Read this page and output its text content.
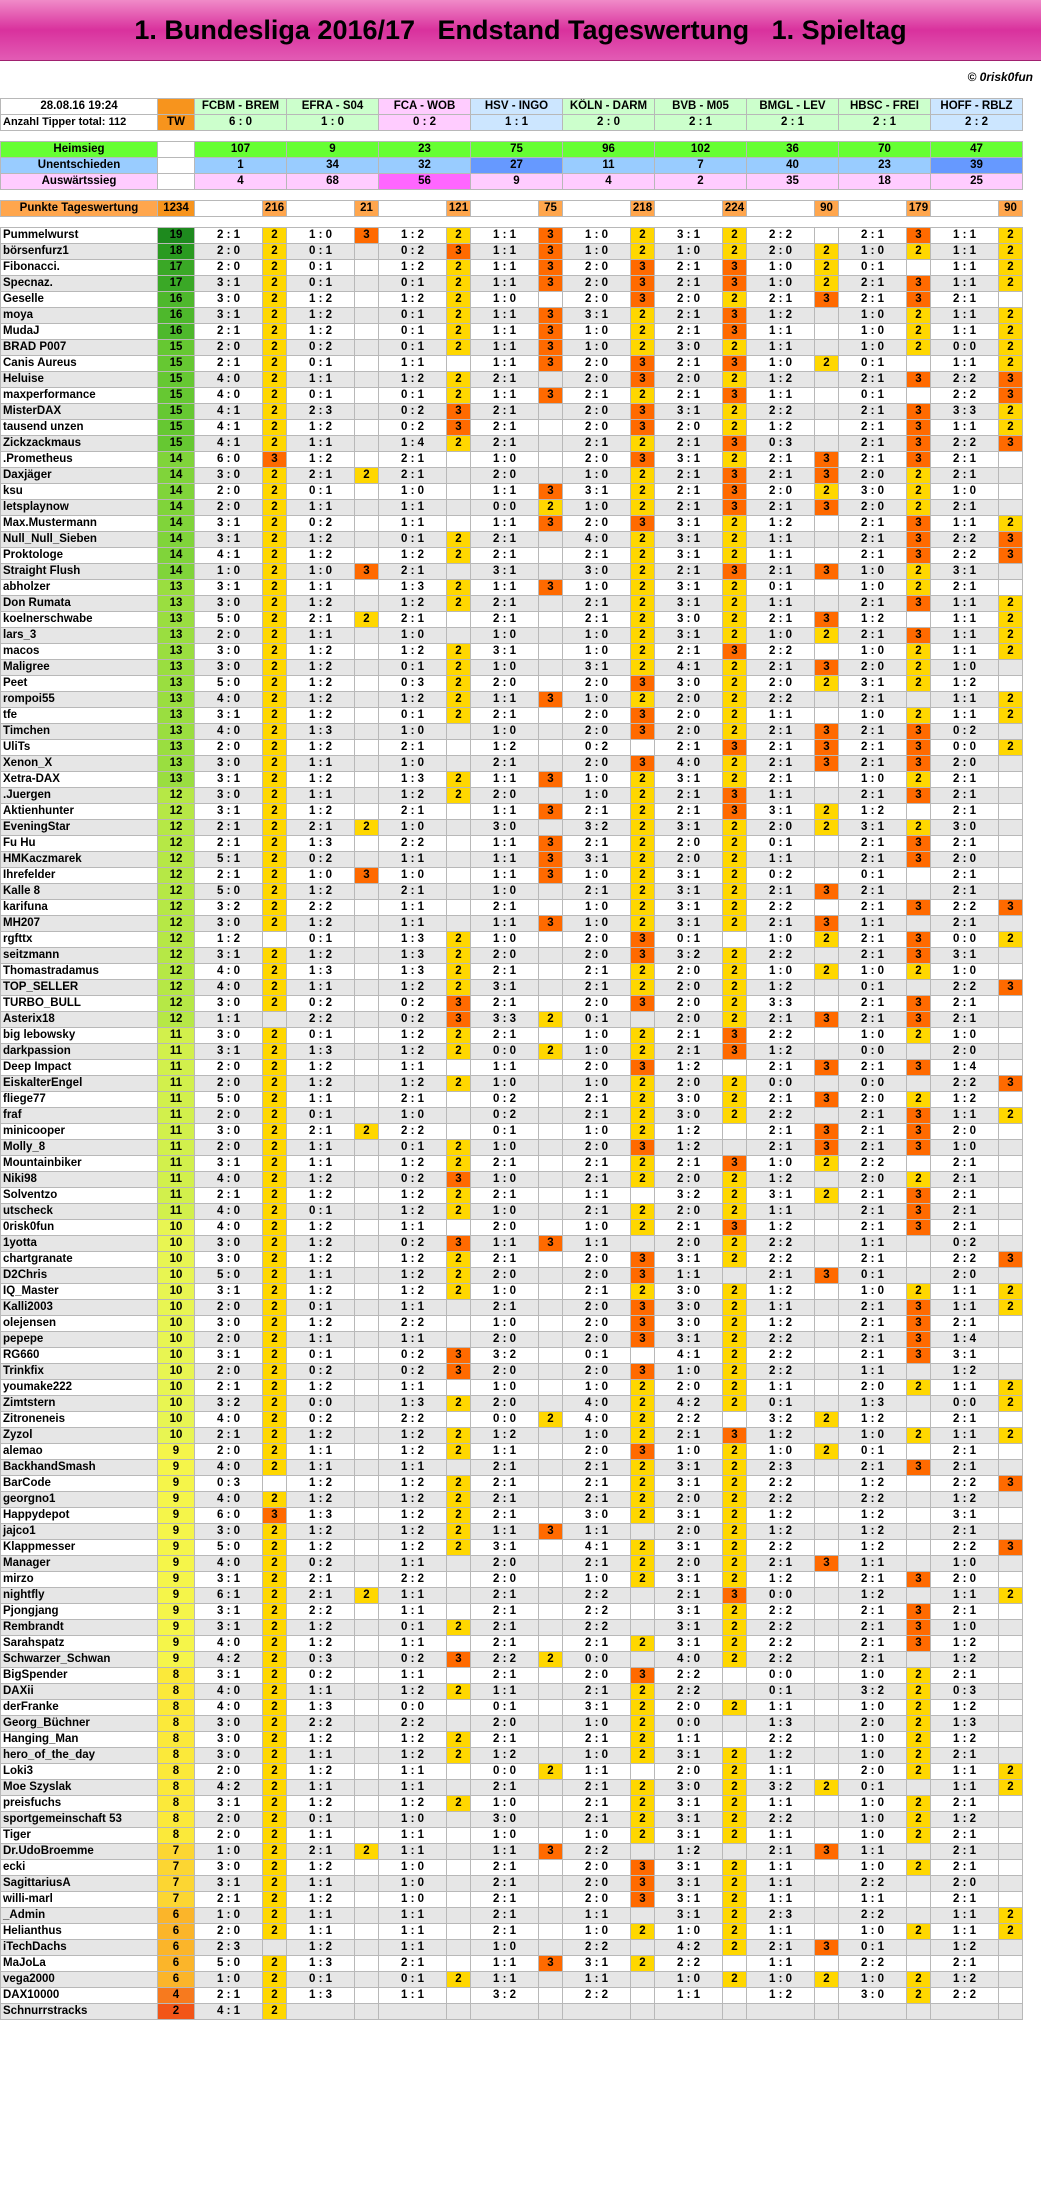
1. Bundesliga 2016/17   Endstand Tageswertung   1. Spieltag
© 0risk0fun
28.08.16 19:24		FCBM - BREM		EFRA - S04		FCA - WOB		HSV - INGO		KÖLN - DARM		BVB - M05		BMGL - LEV		HBSC - FREI		HOFF - RBLZ	
Anzahl Tipper total: 112	TW	6 : 0		1 : 0		0 : 2		1 : 1		2 : 0		2 : 1		2 : 1		2 : 1		2 : 2	

Heimsieg		107		9		23		75		96		102		36		70		47	
Unentschieden		1		34		32		27		11		7		40		23		39	
Auswärtssieg		4		68		56		9		4		2		35		18		25	

Punkte Tageswertung	1234		216		21		121		75		218		224		90		179		90

Pummelwurst	19	2 : 1	2	1 : 0	3	1 : 2	2	1 : 1	3	1 : 0	2	3 : 1	2	2 : 2		2 : 1	3	1 : 1	2
börsenfurz1	18	2 : 0	2	0 : 1		0 : 2	3	1 : 1	3	1 : 0	2	1 : 0	2	2 : 0	2	1 : 0	2	1 : 1	2
Fibonacci.	17	2 : 0	2	0 : 1		1 : 2	2	1 : 1	3	2 : 0	3	2 : 1	3	1 : 0	2	0 : 1		1 : 1	2
Specnaz.	17	3 : 1	2	0 : 1		0 : 1	2	1 : 1	3	2 : 0	3	2 : 1	3	1 : 0	2	2 : 1	3	1 : 1	2
Geselle	16	3 : 0	2	1 : 2		1 : 2	2	1 : 0		2 : 0	3	2 : 0	2	2 : 1	3	2 : 1	3	2 : 1	
moya	16	3 : 1	2	1 : 2		0 : 1	2	1 : 1	3	3 : 1	2	2 : 1	3	1 : 2		1 : 0	2	1 : 1	2
MudaJ	16	2 : 1	2	1 : 2		0 : 1	2	1 : 1	3	1 : 0	2	2 : 1	3	1 : 1		1 : 0	2	1 : 1	2
BRAD P007	15	2 : 0	2	0 : 2		0 : 1	2	1 : 1	3	1 : 0	2	3 : 0	2	1 : 1		1 : 0	2	0 : 0	2
Canis Aureus	15	2 : 1	2	0 : 1		1 : 1		1 : 1	3	2 : 0	3	2 : 1	3	1 : 0	2	0 : 1		1 : 1	2
Heluise	15	4 : 0	2	1 : 1		1 : 2	2	2 : 1		2 : 0	3	2 : 0	2	1 : 2		2 : 1	3	2 : 2	3
maxperformance	15	4 : 0	2	0 : 1		0 : 1	2	1 : 1	3	2 : 1	2	2 : 1	3	1 : 1		0 : 1		2 : 2	3
MisterDAX	15	4 : 1	2	2 : 3		0 : 2	3	2 : 1		2 : 0	3	3 : 1	2	2 : 2		2 : 1	3	3 : 3	2
tausend unzen	15	4 : 1	2	1 : 2		0 : 2	3	2 : 1		2 : 0	3	2 : 0	2	1 : 2		2 : 1	3	1 : 1	2
Zickzackmaus	15	4 : 1	2	1 : 1		1 : 4	2	2 : 1		2 : 1	2	2 : 1	3	0 : 3		2 : 1	3	2 : 2	3
.Prometheus	14	6 : 0	3	1 : 2		2 : 1		1 : 0		2 : 0	3	3 : 1	2	2 : 1	3	2 : 1	3	2 : 1	
Daxjäger	14	3 : 0	2	2 : 1	2	2 : 1		2 : 0		1 : 0	2	2 : 1	3	2 : 1	3	2 : 0	2	2 : 1	
ksu	14	2 : 0	2	0 : 1		1 : 0		1 : 1	3	3 : 1	2	2 : 1	3	2 : 0	2	3 : 0	2	1 : 0	
letsplaynow	14	2 : 0	2	1 : 1		1 : 1		0 : 0	2	1 : 0	2	2 : 1	3	2 : 1	3	2 : 0	2	2 : 1	
Max.Mustermann	14	3 : 1	2	0 : 2		1 : 1		1 : 1	3	2 : 0	3	3 : 1	2	1 : 2		2 : 1	3	1 : 1	2
Null_Null_Sieben	14	3 : 1	2	1 : 2		0 : 1	2	2 : 1		4 : 0	2	3 : 1	2	1 : 1		2 : 1	3	2 : 2	3
Proktologe	14	4 : 1	2	1 : 2		1 : 2	2	2 : 1		2 : 1	2	3 : 1	2	1 : 1		2 : 1	3	2 : 2	3
Straight Flush	14	1 : 0	2	1 : 0	3	2 : 1		3 : 1		3 : 0	2	2 : 1	3	2 : 1	3	1 : 0	2	3 : 1	
abholzer	13	3 : 1	2	1 : 1		1 : 3	2	1 : 1	3	1 : 0	2	3 : 1	2	0 : 1		1 : 0	2	2 : 1	
Don Rumata	13	3 : 0	2	1 : 2		1 : 2	2	2 : 1		2 : 1	2	3 : 1	2	1 : 1		2 : 1	3	1 : 1	2
koelnerschwabe	13	5 : 0	2	2 : 1	2	2 : 1		2 : 1		2 : 1	2	3 : 0	2	2 : 1	3	1 : 2		1 : 1	2
lars_3	13	2 : 0	2	1 : 1		1 : 0		1 : 0		1 : 0	2	3 : 1	2	1 : 0	2	2 : 1	3	1 : 1	2
macos	13	3 : 0	2	1 : 2		1 : 2	2	3 : 1		1 : 0	2	2 : 1	3	2 : 2		1 : 0	2	1 : 1	2
Maligree	13	3 : 0	2	1 : 2		0 : 1	2	1 : 0		3 : 1	2	4 : 1	2	2 : 1	3	2 : 0	2	1 : 0	
Peet	13	5 : 0	2	1 : 2		0 : 3	2	2 : 0		2 : 0	3	3 : 0	2	2 : 0	2	3 : 1	2	1 : 2	
rompoi55	13	4 : 0	2	1 : 2		1 : 2	2	1 : 1	3	1 : 0	2	2 : 0	2	2 : 2		2 : 1		1 : 1	2
tfe	13	3 : 1	2	1 : 2		0 : 1	2	2 : 1		2 : 0	3	2 : 0	2	1 : 1		1 : 0	2	1 : 1	2
Timchen	13	4 : 0	2	1 : 3		1 : 0		1 : 0		2 : 0	3	2 : 0	2	2 : 1	3	2 : 1	3	0 : 2	
UliTs	13	2 : 0	2	1 : 2		2 : 1		1 : 2		0 : 2		2 : 1	3	2 : 1	3	2 : 1	3	0 : 0	2
Xenon_X	13	3 : 0	2	1 : 1		1 : 0		2 : 1		2 : 0	3	4 : 0	2	2 : 1	3	2 : 1	3	2 : 0	
Xetra-DAX	13	3 : 1	2	1 : 2		1 : 3	2	1 : 1	3	1 : 0	2	3 : 1	2	2 : 1		1 : 0	2	2 : 1	
.Juergen	12	3 : 0	2	1 : 1		1 : 2	2	2 : 0		1 : 0	2	2 : 1	3	1 : 1		2 : 1	3	2 : 1	
Aktienhunter	12	3 : 1	2	1 : 2		2 : 1		1 : 1	3	2 : 1	2	2 : 1	3	3 : 1	2	1 : 2		2 : 1	
EveningStar	12	2 : 1	2	2 : 1	2	1 : 0		3 : 0		3 : 2	2	3 : 1	2	2 : 0	2	3 : 1	2	3 : 0	
Fu Hu	12	2 : 1	2	1 : 3		2 : 2		1 : 1	3	2 : 1	2	2 : 0	2	0 : 1		2 : 1	3	2 : 1	
HMKaczmarek	12	5 : 1	2	0 : 2		1 : 1		1 : 1	3	3 : 1	2	2 : 0	2	1 : 1		2 : 1	3	2 : 0	
Ihrefelder	12	2 : 1	2	1 : 0	3	1 : 0		1 : 1	3	1 : 0	2	3 : 1	2	0 : 2		0 : 1		2 : 1	
Kalle 8	12	5 : 0	2	1 : 2		2 : 1		1 : 0		2 : 1	2	3 : 1	2	2 : 1	3	2 : 1		2 : 1	
karifuna	12	3 : 2	2	2 : 2		1 : 1		2 : 1		1 : 0	2	3 : 1	2	2 : 2		2 : 1	3	2 : 2	3
MH207	12	3 : 0	2	1 : 2		1 : 1		1 : 1	3	1 : 0	2	3 : 1	2	2 : 1	3	1 : 1		2 : 1	
rgfttx	12	1 : 2		0 : 1		1 : 3	2	1 : 0		2 : 0	3	0 : 1		1 : 0	2	2 : 1	3	0 : 0	2
seitzmann	12	3 : 1	2	1 : 2		1 : 3	2	2 : 0		2 : 0	3	3 : 2	2	2 : 2		2 : 1	3	3 : 1	
Thomastradamus	12	4 : 0	2	1 : 3		1 : 3	2	2 : 1		2 : 1	2	2 : 0	2	1 : 0	2	1 : 0	2	1 : 0	
TOP_SELLER	12	4 : 0	2	1 : 1		1 : 2	2	3 : 1		2 : 1	2	2 : 0	2	1 : 2		0 : 1		2 : 2	3
TURBO_BULL	12	3 : 0	2	0 : 2		0 : 2	3	2 : 1		2 : 0	3	2 : 0	2	3 : 3		2 : 1	3	2 : 1	
Asterix18	12	1 : 1		2 : 2		0 : 2	3	3 : 3	2	0 : 1		2 : 0	2	2 : 1	3	2 : 1	3	2 : 1	
big lebowsky	11	3 : 0	2	0 : 1		1 : 2	2	2 : 1		1 : 0	2	2 : 1	3	2 : 2		1 : 0	2	1 : 0	
darkpassion	11	3 : 1	2	1 : 3		1 : 2	2	0 : 0	2	1 : 0	2	2 : 1	3	1 : 2		0 : 0		2 : 0	
Deep Impact	11	2 : 0	2	1 : 2		1 : 1		1 : 1		2 : 0	3	1 : 2		2 : 1	3	2 : 1	3	1 : 4	
EiskalterEngel	11	2 : 0	2	1 : 2		1 : 2	2	1 : 0		1 : 0	2	2 : 0	2	0 : 0		0 : 0		2 : 2	3
fliege77	11	5 : 0	2	1 : 1		2 : 1		0 : 2		2 : 1	2	3 : 0	2	2 : 1	3	2 : 0	2	1 : 2	
fraf	11	2 : 0	2	0 : 1		1 : 0		0 : 2		2 : 1	2	3 : 0	2	2 : 2		2 : 1	3	1 : 1	2
minicooper	11	3 : 0	2	2 : 1	2	2 : 2		0 : 1		1 : 0	2	1 : 2		2 : 1	3	2 : 1	3	2 : 0	
Molly_8	11	2 : 0	2	1 : 1		0 : 1	2	1 : 0		2 : 0	3	1 : 2		2 : 1	3	2 : 1	3	1 : 0	
Mountainbiker	11	3 : 1	2	1 : 1		1 : 2	2	2 : 1		2 : 1	2	2 : 1	3	1 : 0	2	2 : 2		2 : 1	
Niki98	11	4 : 0	2	1 : 2		0 : 2	3	1 : 0		2 : 1	2	2 : 0	2	1 : 2		2 : 0	2	2 : 1	
Solventzo	11	2 : 1	2	1 : 2		1 : 2	2	2 : 1		1 : 1		3 : 2	2	3 : 1	2	2 : 1	3	2 : 1	
utscheck	11	4 : 0	2	0 : 1		1 : 2	2	1 : 0		2 : 1	2	2 : 0	2	1 : 1		2 : 1	3	2 : 1	
0risk0fun	10	4 : 0	2	1 : 2		1 : 1		2 : 0		1 : 0	2	2 : 1	3	1 : 2		2 : 1	3	2 : 1	
1yotta	10	3 : 0	2	1 : 2		0 : 2	3	1 : 1	3	1 : 1		2 : 0	2	2 : 2		1 : 1		0 : 2	
chartgranate	10	3 : 0	2	1 : 2		1 : 2	2	2 : 1		2 : 0	3	3 : 1	2	2 : 2		2 : 1		2 : 2	3
D2Chris	10	5 : 0	2	1 : 1		1 : 2	2	2 : 0		2 : 0	3	1 : 1		2 : 1	3	0 : 1		2 : 0	
IQ_Master	10	3 : 1	2	1 : 2		1 : 2	2	1 : 0		2 : 1	2	3 : 0	2	1 : 2		1 : 0	2	1 : 1	2
Kalli2003	10	2 : 0	2	0 : 1		1 : 1		2 : 1		2 : 0	3	3 : 0	2	1 : 1		2 : 1	3	1 : 1	2
olejensen	10	3 : 0	2	1 : 2		2 : 2		1 : 0		2 : 0	3	3 : 0	2	1 : 2		2 : 1	3	2 : 1	
pepepe	10	2 : 0	2	1 : 1		1 : 1		2 : 0		2 : 0	3	3 : 1	2	2 : 2		2 : 1	3	1 : 4	
RG660	10	3 : 1	2	0 : 1		0 : 2	3	3 : 2		0 : 1		4 : 1	2	2 : 2		2 : 1	3	3 : 1	
Trinkfix	10	2 : 0	2	0 : 2		0 : 2	3	2 : 0		2 : 0	3	1 : 0	2	2 : 2		1 : 1		1 : 2	
youmake222	10	2 : 1	2	1 : 2		1 : 1		1 : 0		1 : 0	2	2 : 0	2	1 : 1		2 : 0	2	1 : 1	2
Zimtstern	10	3 : 2	2	0 : 0		1 : 3	2	2 : 0		4 : 0	2	4 : 2	2	0 : 1		1 : 3		0 : 0	2
Zitroneneis	10	4 : 0	2	0 : 2		2 : 2		0 : 0	2	4 : 0	2	2 : 2		3 : 2	2	1 : 2		2 : 1	
Zyzol	10	2 : 1	2	1 : 2		1 : 2	2	1 : 2		1 : 0	2	2 : 1	3	1 : 2		1 : 0	2	1 : 1	2
alemao	9	2 : 0	2	1 : 1		1 : 2	2	1 : 1		2 : 0	3	1 : 0	2	1 : 0	2	0 : 1		2 : 1	
BackhandSmash	9	4 : 0	2	1 : 1		1 : 1		2 : 1		2 : 1	2	3 : 1	2	2 : 3		2 : 1	3	2 : 1	
BarCode	9	0 : 3		1 : 2		1 : 2	2	2 : 1		2 : 1	2	3 : 1	2	2 : 2		1 : 2		2 : 2	3
georgno1	9	4 : 0	2	1 : 2		1 : 2	2	2 : 1		2 : 1	2	2 : 0	2	2 : 2		2 : 2		1 : 2	
Happydepot	9	6 : 0	3	1 : 3		1 : 2	2	2 : 1		3 : 0	2	3 : 1	2	1 : 2		1 : 2		3 : 1	
jajco1	9	3 : 0	2	1 : 2		1 : 2	2	1 : 1	3	1 : 1		2 : 0	2	1 : 2		1 : 2		2 : 1	
Klappmesser	9	5 : 0	2	1 : 2		1 : 2	2	3 : 1		4 : 1	2	3 : 1	2	2 : 2		1 : 2		2 : 2	3
Manager	9	4 : 0	2	0 : 2		1 : 1		2 : 0		2 : 1	2	2 : 0	2	2 : 1	3	1 : 1		1 : 0	
mirzo	9	3 : 1	2	2 : 1		2 : 2		2 : 0		1 : 0	2	3 : 1	2	1 : 2		2 : 1	3	2 : 0	
nightfly	9	6 : 1	2	2 : 1	2	1 : 1		2 : 1		2 : 2		2 : 1	3	0 : 0		1 : 2		1 : 1	2
Pjongjang	9	3 : 1	2	2 : 2		1 : 1		2 : 1		2 : 2		3 : 1	2	2 : 2		2 : 1	3	2 : 1	
Rembrandt	9	3 : 1	2	1 : 2		0 : 1	2	2 : 1		2 : 2		3 : 1	2	2 : 2		2 : 1	3	1 : 0	
Sarahspatz	9	4 : 0	2	1 : 2		1 : 1		2 : 1		2 : 1	2	3 : 1	2	2 : 2		2 : 1	3	1 : 2	
Schwarzer_Schwan	9	4 : 2	2	0 : 3		0 : 2	3	2 : 2	2	0 : 0		4 : 0	2	2 : 2		2 : 1		1 : 2	
BigSpender	8	3 : 1	2	0 : 2		1 : 1		2 : 1		2 : 0	3	2 : 2		0 : 0		1 : 0	2	2 : 1	
DAXii	8	4 : 0	2	1 : 1		1 : 2	2	1 : 1		2 : 1	2	2 : 2		0 : 1		3 : 2	2	0 : 3	
derFranke	8	4 : 0	2	1 : 3		0 : 0		0 : 1		3 : 1	2	2 : 0	2	1 : 1		1 : 0	2	1 : 2	
Georg_Büchner	8	3 : 0	2	2 : 2		2 : 2		2 : 0		1 : 0	2	0 : 0		1 : 3		2 : 0	2	1 : 3	
Hanging_Man	8	3 : 0	2	1 : 2		1 : 2	2	2 : 1		2 : 1	2	1 : 1		2 : 2		1 : 0	2	1 : 2	
hero_of_the_day	8	3 : 0	2	1 : 1		1 : 2	2	1 : 2		1 : 0	2	3 : 1	2	1 : 2		1 : 0	2	2 : 1	
Loki3	8	2 : 0	2	1 : 2		1 : 1		0 : 0	2	1 : 1		2 : 0	2	1 : 1		2 : 0	2	1 : 1	2
Moe Szyslak	8	4 : 2	2	1 : 1		1 : 1		2 : 1		2 : 1	2	3 : 0	2	3 : 2	2	0 : 1		1 : 1	2
preisfuchs	8	3 : 1	2	1 : 2		1 : 2	2	1 : 0		2 : 1	2	3 : 1	2	1 : 1		1 : 0	2	2 : 1	
sportgemeinschaft 53	8	2 : 0	2	0 : 1		1 : 0		3 : 0		2 : 1	2	3 : 1	2	2 : 2		1 : 0	2	1 : 2	
Tiger	8	2 : 0	2	1 : 1		1 : 1		1 : 0		1 : 0	2	3 : 1	2	1 : 1		1 : 0	2	2 : 1	
Dr.UdoBroemme	7	1 : 0	2	2 : 1	2	1 : 1		1 : 1	3	2 : 2		1 : 2		2 : 1	3	1 : 1		2 : 1	
ecki	7	3 : 0	2	1 : 2		1 : 0		2 : 1		2 : 0	3	3 : 1	2	1 : 1		1 : 0	2	2 : 1	
SagittariusA	7	3 : 1	2	1 : 1		1 : 0		2 : 1		2 : 0	3	3 : 1	2	1 : 1		2 : 2		2 : 0	
willi-marl	7	2 : 1	2	1 : 2		1 : 0		2 : 1		2 : 0	3	3 : 1	2	1 : 1		1 : 1		2 : 1	
_Admin	6	1 : 0	2	1 : 1		1 : 1		2 : 1		1 : 1		3 : 1	2	2 : 3		2 : 2		1 : 1	2
Helianthus	6	2 : 0	2	1 : 1		1 : 1		2 : 1		1 : 0	2	1 : 0	2	1 : 1		1 : 0	2	1 : 1	2
iTechDachs	6	2 : 3		1 : 2		1 : 1		1 : 0		2 : 2		4 : 2	2	2 : 1	3	0 : 1		1 : 2	
MaJoLa	6	5 : 0	2	1 : 3		2 : 1		1 : 1	3	3 : 1	2	2 : 2		1 : 1		2 : 2		2 : 1	
vega2000	6	1 : 0	2	0 : 1		0 : 1	2	1 : 1		1 : 1		1 : 0	2	1 : 0	2	1 : 0	2	1 : 2	
DAX10000	4	2 : 1	2	1 : 3		1 : 1		3 : 2		2 : 2		1 : 1		1 : 2		3 : 0	2	2 : 2	
Schnurrstracks	2	4 : 1	2																
